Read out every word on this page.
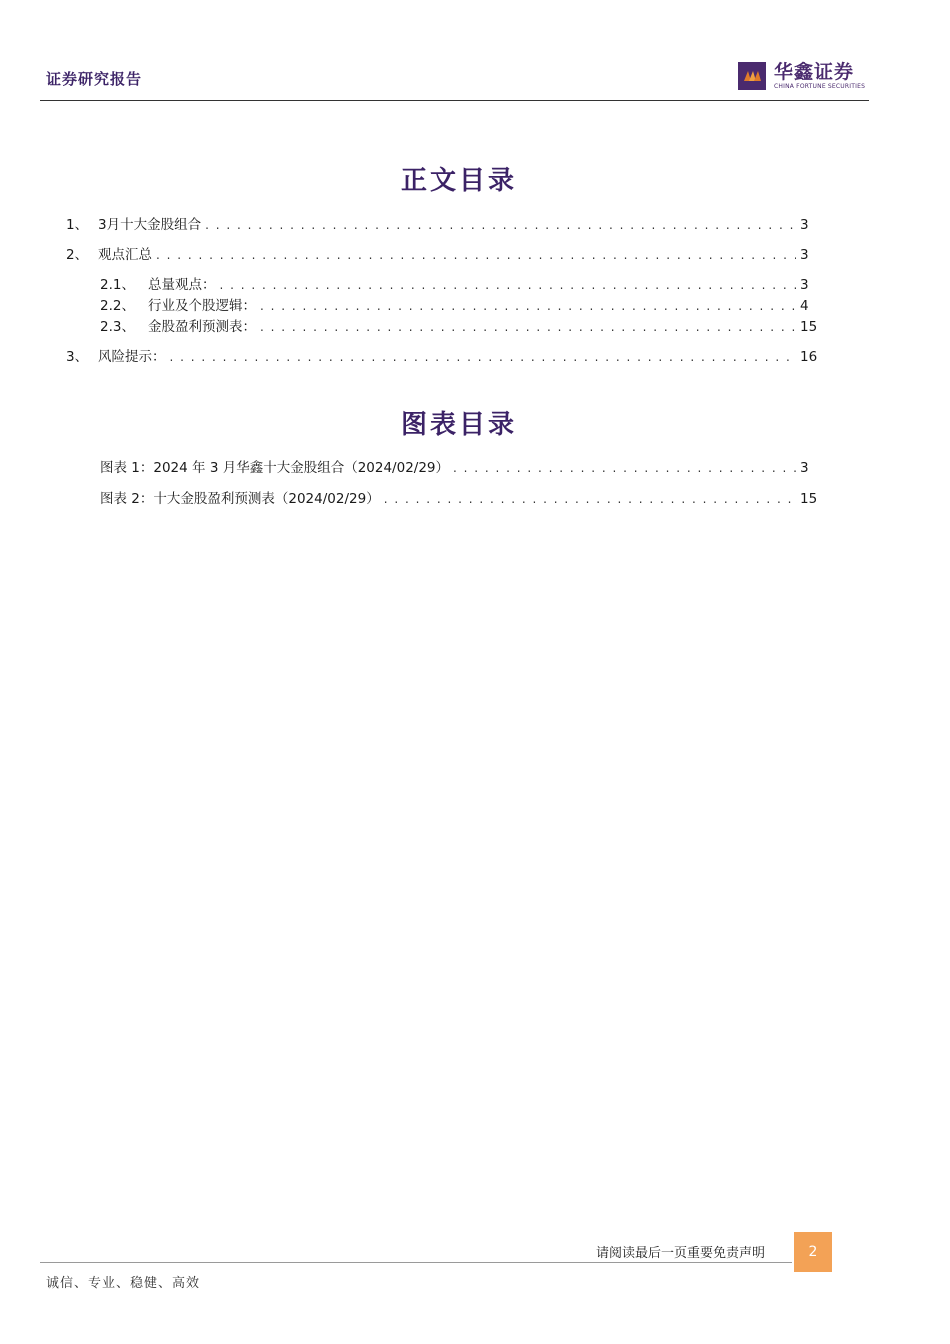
证券研究报告	华鑫证券
CHINA FORTUNE SECURITIES
正文目录
1、 3月十大金股组合 . . .	3
2、 观点汇总 . . .	3
2.1、 总量观点： . . .	3
2.2、 行业及个股逻辑： . . .	4
2.3、 金股盈利预测表： . . .	15
3、 风险提示： . . .	16
图表目录
图表 1：2024 年 3 月华鑫十大金股组合（2024/02/29） . . .	3
图表 2：十大金股盈利预测表（2024/02/29） . . .	15
请阅读最后一页重要免责声明	2
诚信、专业、稳健、高效
